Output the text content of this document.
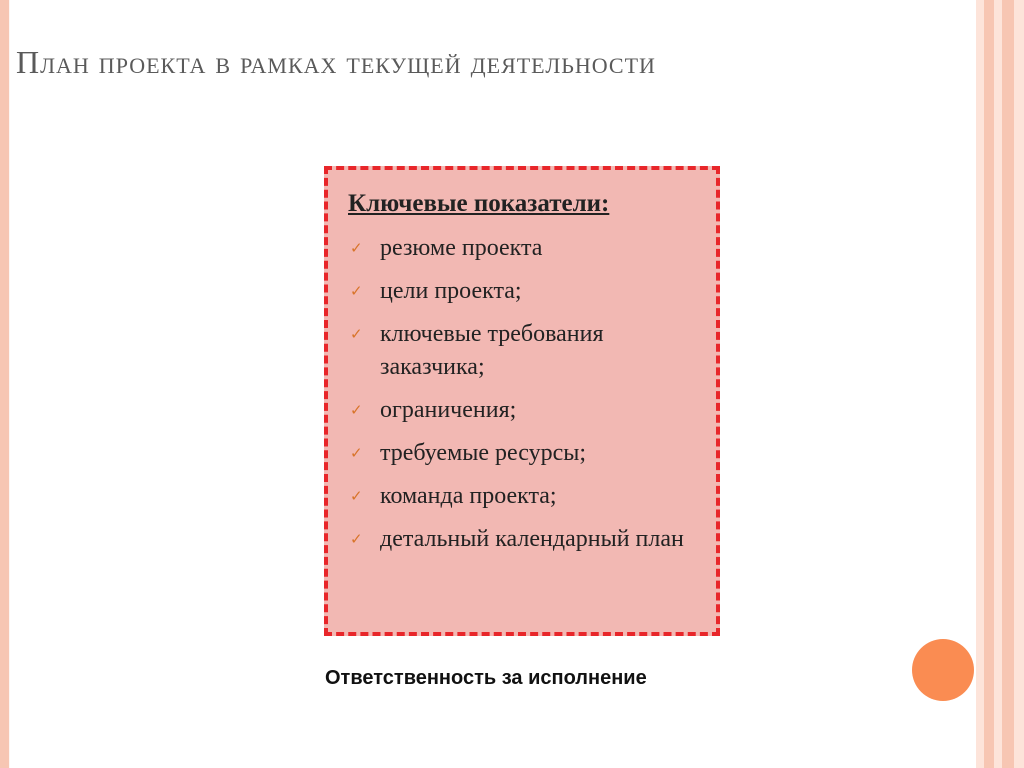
План проекта в рамках текущей деятельности
Ключевые показатели:
✓ резюме проекта
✓ цели проекта;
✓ ключевые требования заказчика;
✓ ограничения;
✓ требуемые ресурсы;
✓ команда проекта;
✓ детальный календарный план
Ответственность за исполнение
